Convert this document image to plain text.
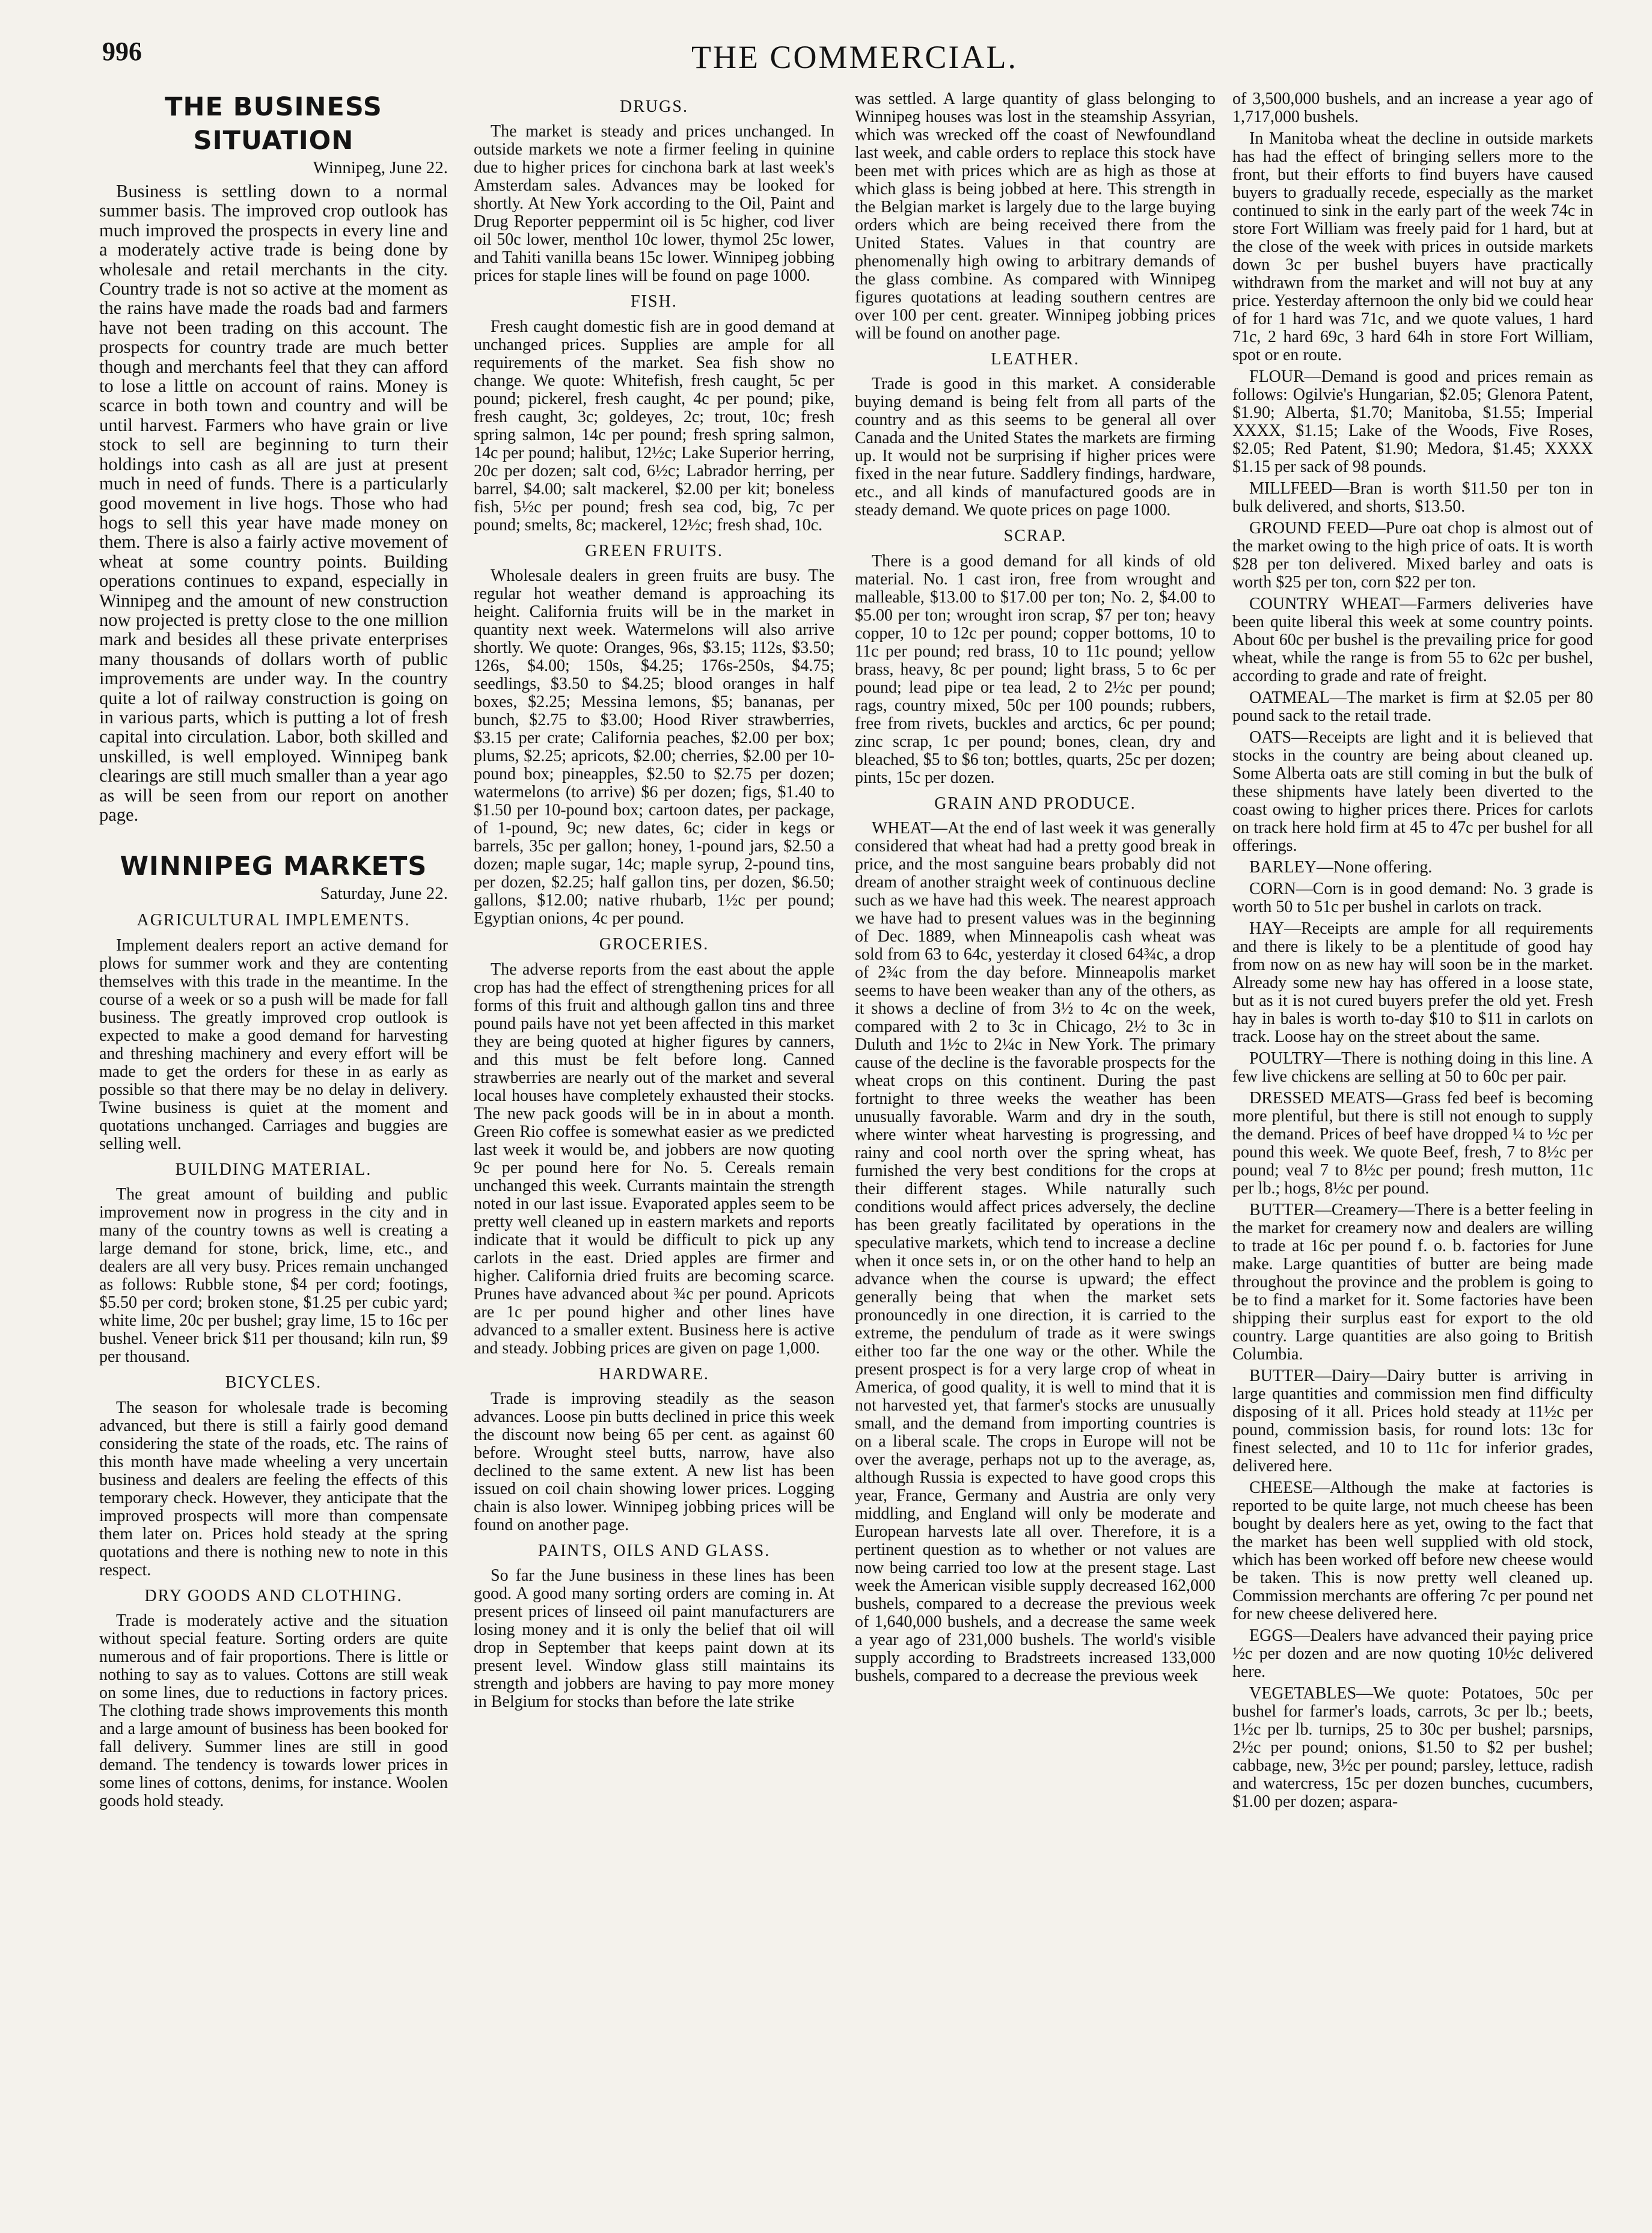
996	THE COMMERCIAL.
THE BUSINESS SITUATION
Winnipeg, June 22.

Business is settling down to a normal summer basis. The improved crop outlook has much improved the prospects in every line and a moderately active trade is being done by wholesale and retail merchants in the city. Country trade is not so active at the moment as the rains have made the roads bad and farmers have not been trading on this account. The prospects for country trade are much better though and merchants feel that they can afford to lose a little on account of rains. Money is scarce in both town and country and will be until harvest. Farmers who have grain or live stock to sell are beginning to turn their holdings into cash as all are just at present much in need of funds. There is a particularly good movement in live hogs. Those who had hogs to sell this year have made money on them. There is also a fairly active movement of wheat at some country points. Building operations continues to expand, especially in Winnipeg and the amount of new construction now projected is pretty close to the one million mark and besides all these private enterprises many thousands of dollars worth of public improvements are under way. In the country quite a lot of railway construction is going on in various parts, which is putting a lot of fresh capital into circulation. Labor, both skilled and unskilled, is well employed. Winnipeg bank clearings are still much smaller than a year ago as will be seen from our report on another page.

WINNIPEG MARKETS
Saturday, June 22.
AGRICULTURAL IMPLEMENTS.

Implement dealers report an active demand for plows for summer work and they are contenting themselves with this trade in the meantime. In the course of a week or so a push will be made for fall business. The greatly improved crop outlook is expected to make a good demand for harvesting and threshing machinery and every effort will be made to get the orders for these in as early as possible so that there may be no delay in delivery. Twine business is quiet at the moment and quotations unchanged. Carriages and buggies are selling well.

BUILDING MATERIAL.

The great amount of building and public improvement now in progress in the city and in many of the country towns as well is creating a large demand for stone, brick, lime, etc., and dealers are all very busy. Prices remain unchanged as follows: Rubble stone, $4 per cord; footings, $5.50 per cord; broken stone, $1.25 per cubic yard; white lime, 20c per bushel; gray lime, 15 to 16c per bushel. Veneer brick $11 per thousand; kiln run, $9 per thousand.

BICYCLES.

The season for wholesale trade is becoming advanced, but there is still a fairly good demand considering the state of the roads, etc. The rains of this month have made wheeling a very uncertain business and dealers are feeling the effects of this temporary check. However, they anticipate that the improved prospects will more than compensate them later on. Prices hold steady at the spring quotations and there is nothing new to note in this respect.

DRY GOODS AND CLOTHING.

Trade is moderately active and the situation without special feature. Sorting orders are quite numerous and of fair proportions. There is little or nothing to say as to values. Cottons are still weak on some lines, due to reductions in factory prices. The clothing trade shows improvements this month and a large amount of business has been booked for fall delivery. Summer lines are still in good demand. The tendency is towards lower prices in some lines of cottons, denims, for instance. Woolen goods hold steady.

DRUGS.

The market is steady and prices unchanged. In outside markets we note a firmer feeling in quinine due to higher prices for cinchona bark at last week's Amsterdam sales. Advances may be looked for shortly. At New York according to the Oil, Paint and Drug Reporter peppermint oil is 5c higher, cod liver oil 50c lower, menthol 10c lower, thymol 25c lower, and Tahiti vanilla beans 15c lower. Winnipeg jobbing prices for staple lines will be found on page 1000.

FISH.

Fresh caught domestic fish are in good demand at unchanged prices. Supplies are ample for all requirements of the market. Sea fish show no change. We quote: Whitefish, fresh caught, 5c per pound; pickerel, fresh caught, 4c per pound; pike, fresh caught, 3c; goldeyes, 2c; trout, 10c; fresh spring salmon, 14c per pound; fresh spring salmon, 14c per pound; halibut, 12½c; Lake Superior herring, 20c per dozen; salt cod, 6½c; Labrador herring, per barrel, $4.00; salt mackerel, $2.00 per kit; boneless fish, 5½c per pound; fresh sea cod, big, 7c per pound; smelts, 8c; mackerel, 12½c; fresh shad, 10c.

GREEN FRUITS.

Wholesale dealers in green fruits are busy. The regular hot weather demand is approaching its height. California fruits will be in the market in quantity next week. Watermelons will also arrive shortly. We quote: Oranges, 96s, $3.15; 112s, $3.50; 126s, $4.00; 150s, $4.25; 176s-250s, $4.75; seedlings, $3.50 to $4.25; blood oranges in half boxes, $2.25; Messina lemons, $5; bananas, per bunch, $2.75 to $3.00; Hood River strawberries, $3.15 per crate; California peaches, $2.00 per box; plums, $2.25; apricots, $2.00; cherries, $2.00 per 10-pound box; pineapples, $2.50 to $2.75 per dozen; watermelons (to arrive) $6 per dozen; figs, $1.40 to $1.50 per 10-pound box; cartoon dates, per package, of 1-pound, 9c; new dates, 6c; cider in kegs or barrels, 35c per gallon; honey, 1-pound jars, $2.50 a dozen; maple sugar, 14c; maple syrup, 2-pound tins, per dozen, $2.25; half gallon tins, per dozen, $6.50; gallons, $12.00; native rhubarb, 1½c per pound; Egyptian onions, 4c per pound.

GROCERIES.

The adverse reports from the east about the apple crop has had the effect of strengthening prices for all forms of this fruit and although gallon tins and three pound pails have not yet been affected in this market they are being quoted at higher figures by canners, and this must be felt before long. Canned strawberries are nearly out of the market and several local houses have completely exhausted their stocks. The new pack goods will be in in about a month. Green Rio coffee is somewhat easier as we predicted last week it would be, and jobbers are now quoting 9c per pound here for No. 5. Cereals remain unchanged this week. Currants maintain the strength noted in our last issue. Evaporated apples seem to be pretty well cleaned up in eastern markets and reports indicate that it would be difficult to pick up any carlots in the east. Dried apples are firmer and higher. California dried fruits are becoming scarce. Prunes have advanced about ¾c per pound. Apricots are 1c per pound higher and other lines have advanced to a smaller extent. Business here is active and steady. Jobbing prices are given on page 1,000.

HARDWARE.

Trade is improving steadily as the season advances. Loose pin butts declined in price this week the discount now being 65 per cent. as against 60 before. Wrought steel butts, narrow, have also declined to the same extent. A new list has been issued on coil chain showing lower prices. Logging chain is also lower. Winnipeg jobbing prices will be found on another page.

PAINTS, OILS AND GLASS.

So far the June business in these lines has been good. A good many sorting orders are coming in. At present prices of linseed oil paint manufacturers are losing money and it is only the belief that oil will drop in September that keeps paint down at its present level. Window glass still maintains its strength and jobbers are having to pay more money in Belgium for stocks than before the late strike

was settled. A large quantity of glass belonging to Winnipeg houses was lost in the steamship Assyrian, which was wrecked off the coast of Newfoundland last week, and cable orders to replace this stock have been met with prices which are as high as those at which glass is being jobbed at here. This strength in the Belgian market is largely due to the large buying orders which are being received there from the United States. Values in that country are phenomenally high owing to arbitrary demands of the glass combine. As compared with Winnipeg figures quotations at leading southern centres are over 100 per cent. greater. Winnipeg jobbing prices will be found on another page.

LEATHER.

Trade is good in this market. A considerable buying demand is being felt from all parts of the country and as this seems to be general all over Canada and the United States the markets are firming up. It would not be surprising if higher prices were fixed in the near future. Saddlery findings, hardware, etc., and all kinds of manufactured goods are in steady demand. We quote prices on page 1000.

SCRAP.

There is a good demand for all kinds of old material. No. 1 cast iron, free from wrought and malleable, $13.00 to $17.00 per ton; No. 2, $4.00 to $5.00 per ton; wrought iron scrap, $7 per ton; heavy copper, 10 to 12c per pound; copper bottoms, 10 to 11c per pound; red brass, 10 to 11c pound; yellow brass, heavy, 8c per pound; light brass, 5 to 6c per pound; lead pipe or tea lead, 2 to 2½c per pound; rags, country mixed, 50c per 100 pounds; rubbers, free from rivets, buckles and arctics, 6c per pound; zinc scrap, 1c per pound; bones, clean, dry and bleached, $5 to $6 ton; bottles, quarts, 25c per dozen; pints, 15c per dozen.

GRAIN AND PRODUCE.

WHEAT—At the end of last week it was generally considered that wheat had had a pretty good break in price, and the most sanguine bears probably did not dream of another straight week of continuous decline such as we have had this week. The nearest approach we have had to present values was in the beginning of Dec. 1889, when Minneapolis cash wheat was sold from 63 to 64c, yesterday it closed 64¾c, a drop of 2¾c from the day before. Minneapolis market seems to have been weaker than any of the others, as it shows a decline of from 3½ to 4c on the week, compared with 2 to 3c in Chicago, 2½ to 3c in Duluth and 1½c to 2¼c in New York. The primary cause of the decline is the favorable prospects for the wheat crops on this continent. During the past fortnight to three weeks the weather has been unusually favorable. Warm and dry in the south, where winter wheat harvesting is progressing, and rainy and cool north over the spring wheat, has furnished the very best conditions for the crops at their different stages. While naturally such conditions would affect prices adversely, the decline has been greatly facilitated by operations in the speculative markets, which tend to increase a decline when it once sets in, or on the other hand to help an advance when the course is upward; the effect generally being that when the market sets pronouncedly in one direction, it is carried to the extreme, the pendulum of trade as it were swings either too far the one way or the other. While the present prospect is for a very large crop of wheat in America, of good quality, it is well to mind that it is not harvested yet, that farmer's stocks are unusually small, and the demand from importing countries is on a liberal scale. The crops in Europe will not be over the average, perhaps not up to the average, as, although Russia is expected to have good crops this year, France, Germany and Austria are only very middling, and England will only be moderate and European harvests late all over. Therefore, it is a pertinent question as to whether or not values are now being carried too low at the present stage. Last week the American visible supply decreased 162,000 bushels, compared to a decrease the previous week of 1,640,000 bushels, and a decrease the same week a year ago of 231,000 bushels. The world's visible supply according to Bradstreets increased 133,000 bushels, compared to a decrease the previous week

of 3,500,000 bushels, and an increase a year ago of 1,717,000 bushels.

In Manitoba wheat the decline in outside markets has had the effect of bringing sellers more to the front, but their efforts to find buyers have caused buyers to gradually recede, especially as the market continued to sink in the early part of the week 74c in store Fort William was freely paid for 1 hard, but at the close of the week with prices in outside markets down 3c per bushel buyers have practically withdrawn from the market and will not buy at any price. Yesterday afternoon the only bid we could hear of for 1 hard was 71c, and we quote values, 1 hard 71c, 2 hard 69c, 3 hard 64h in store Fort William, spot or en route.

FLOUR—Demand is good and prices remain as follows: Ogilvie's Hungarian, $2.05; Glenora Patent, $1.90; Alberta, $1.70; Manitoba, $1.55; Imperial XXXX, $1.15; Lake of the Woods, Five Roses, $2.05; Red Patent, $1.90; Medora, $1.45; XXXX $1.15 per sack of 98 pounds.

MILLFEED—Bran is worth $11.50 per ton in bulk delivered, and shorts, $13.50.

GROUND FEED—Pure oat chop is almost out of the market owing to the high price of oats. It is worth $28 per ton delivered. Mixed barley and oats is worth $25 per ton, corn $22 per ton.

COUNTRY WHEAT—Farmers deliveries have been quite liberal this week at some country points. About 60c per bushel is the prevailing price for good wheat, while the range is from 55 to 62c per bushel, according to grade and rate of freight.

OATMEAL—The market is firm at $2.05 per 80 pound sack to the retail trade.

OATS—Receipts are light and it is believed that stocks in the country are being about cleaned up. Some Alberta oats are still coming in but the bulk of these shipments have lately been diverted to the coast owing to higher prices there. Prices for carlots on track here hold firm at 45 to 47c per bushel for all offerings.

BARLEY—None offering.

CORN—Corn is in good demand: No. 3 grade is worth 50 to 51c per bushel in carlots on track.

HAY—Receipts are ample for all requirements and there is likely to be a plentitude of good hay from now on as new hay will soon be in the market. Already some new hay has offered in a loose state, but as it is not cured buyers prefer the old yet. Fresh hay in bales is worth to-day $10 to $11 in carlots on track. Loose hay on the street about the same.

POULTRY—There is nothing doing in this line. A few live chickens are selling at 50 to 60c per pair.

DRESSED MEATS—Grass fed beef is becoming more plentiful, but there is still not enough to supply the demand. Prices of beef have dropped ¼ to ½c per pound this week. We quote Beef, fresh, 7 to 8½c per pound; veal 7 to 8½c per pound; fresh mutton, 11c per lb.; hogs, 8½c per pound.

BUTTER—Creamery—There is a better feeling in the market for creamery now and dealers are willing to trade at 16c per pound f. o. b. factories for June make. Large quantities of butter are being made throughout the province and the problem is going to be to find a market for it. Some factories have been shipping their surplus east for export to the old country. Large quantities are also going to British Columbia.

BUTTER—Dairy—Dairy butter is arriving in large quantities and commission men find difficulty disposing of it all. Prices hold steady at 11½c per pound, commission basis, for round lots: 13c for finest selected, and 10 to 11c for inferior grades, delivered here.

CHEESE—Although the make at factories is reported to be quite large, not much cheese has been bought by dealers here as yet, owing to the fact that the market has been well supplied with old stock, which has been worked off before new cheese would be taken. This is now pretty well cleaned up. Commission merchants are offering 7c per pound net for new cheese delivered here.

EGGS—Dealers have advanced their paying price ½c per dozen and are now quoting 10½c delivered here.

VEGETABLES—We quote: Potatoes, 50c per bushel for farmer's loads, carrots, 3c per lb.; beets, 1½c per lb. turnips, 25 to 30c per bushel; parsnips, 2½c per pound; onions, $1.50 to $2 per bushel; cabbage, new, 3½c per pound; parsley, lettuce, radish and watercress, 15c per dozen bunches, cucumbers, $1.00 per dozen; aspara-
